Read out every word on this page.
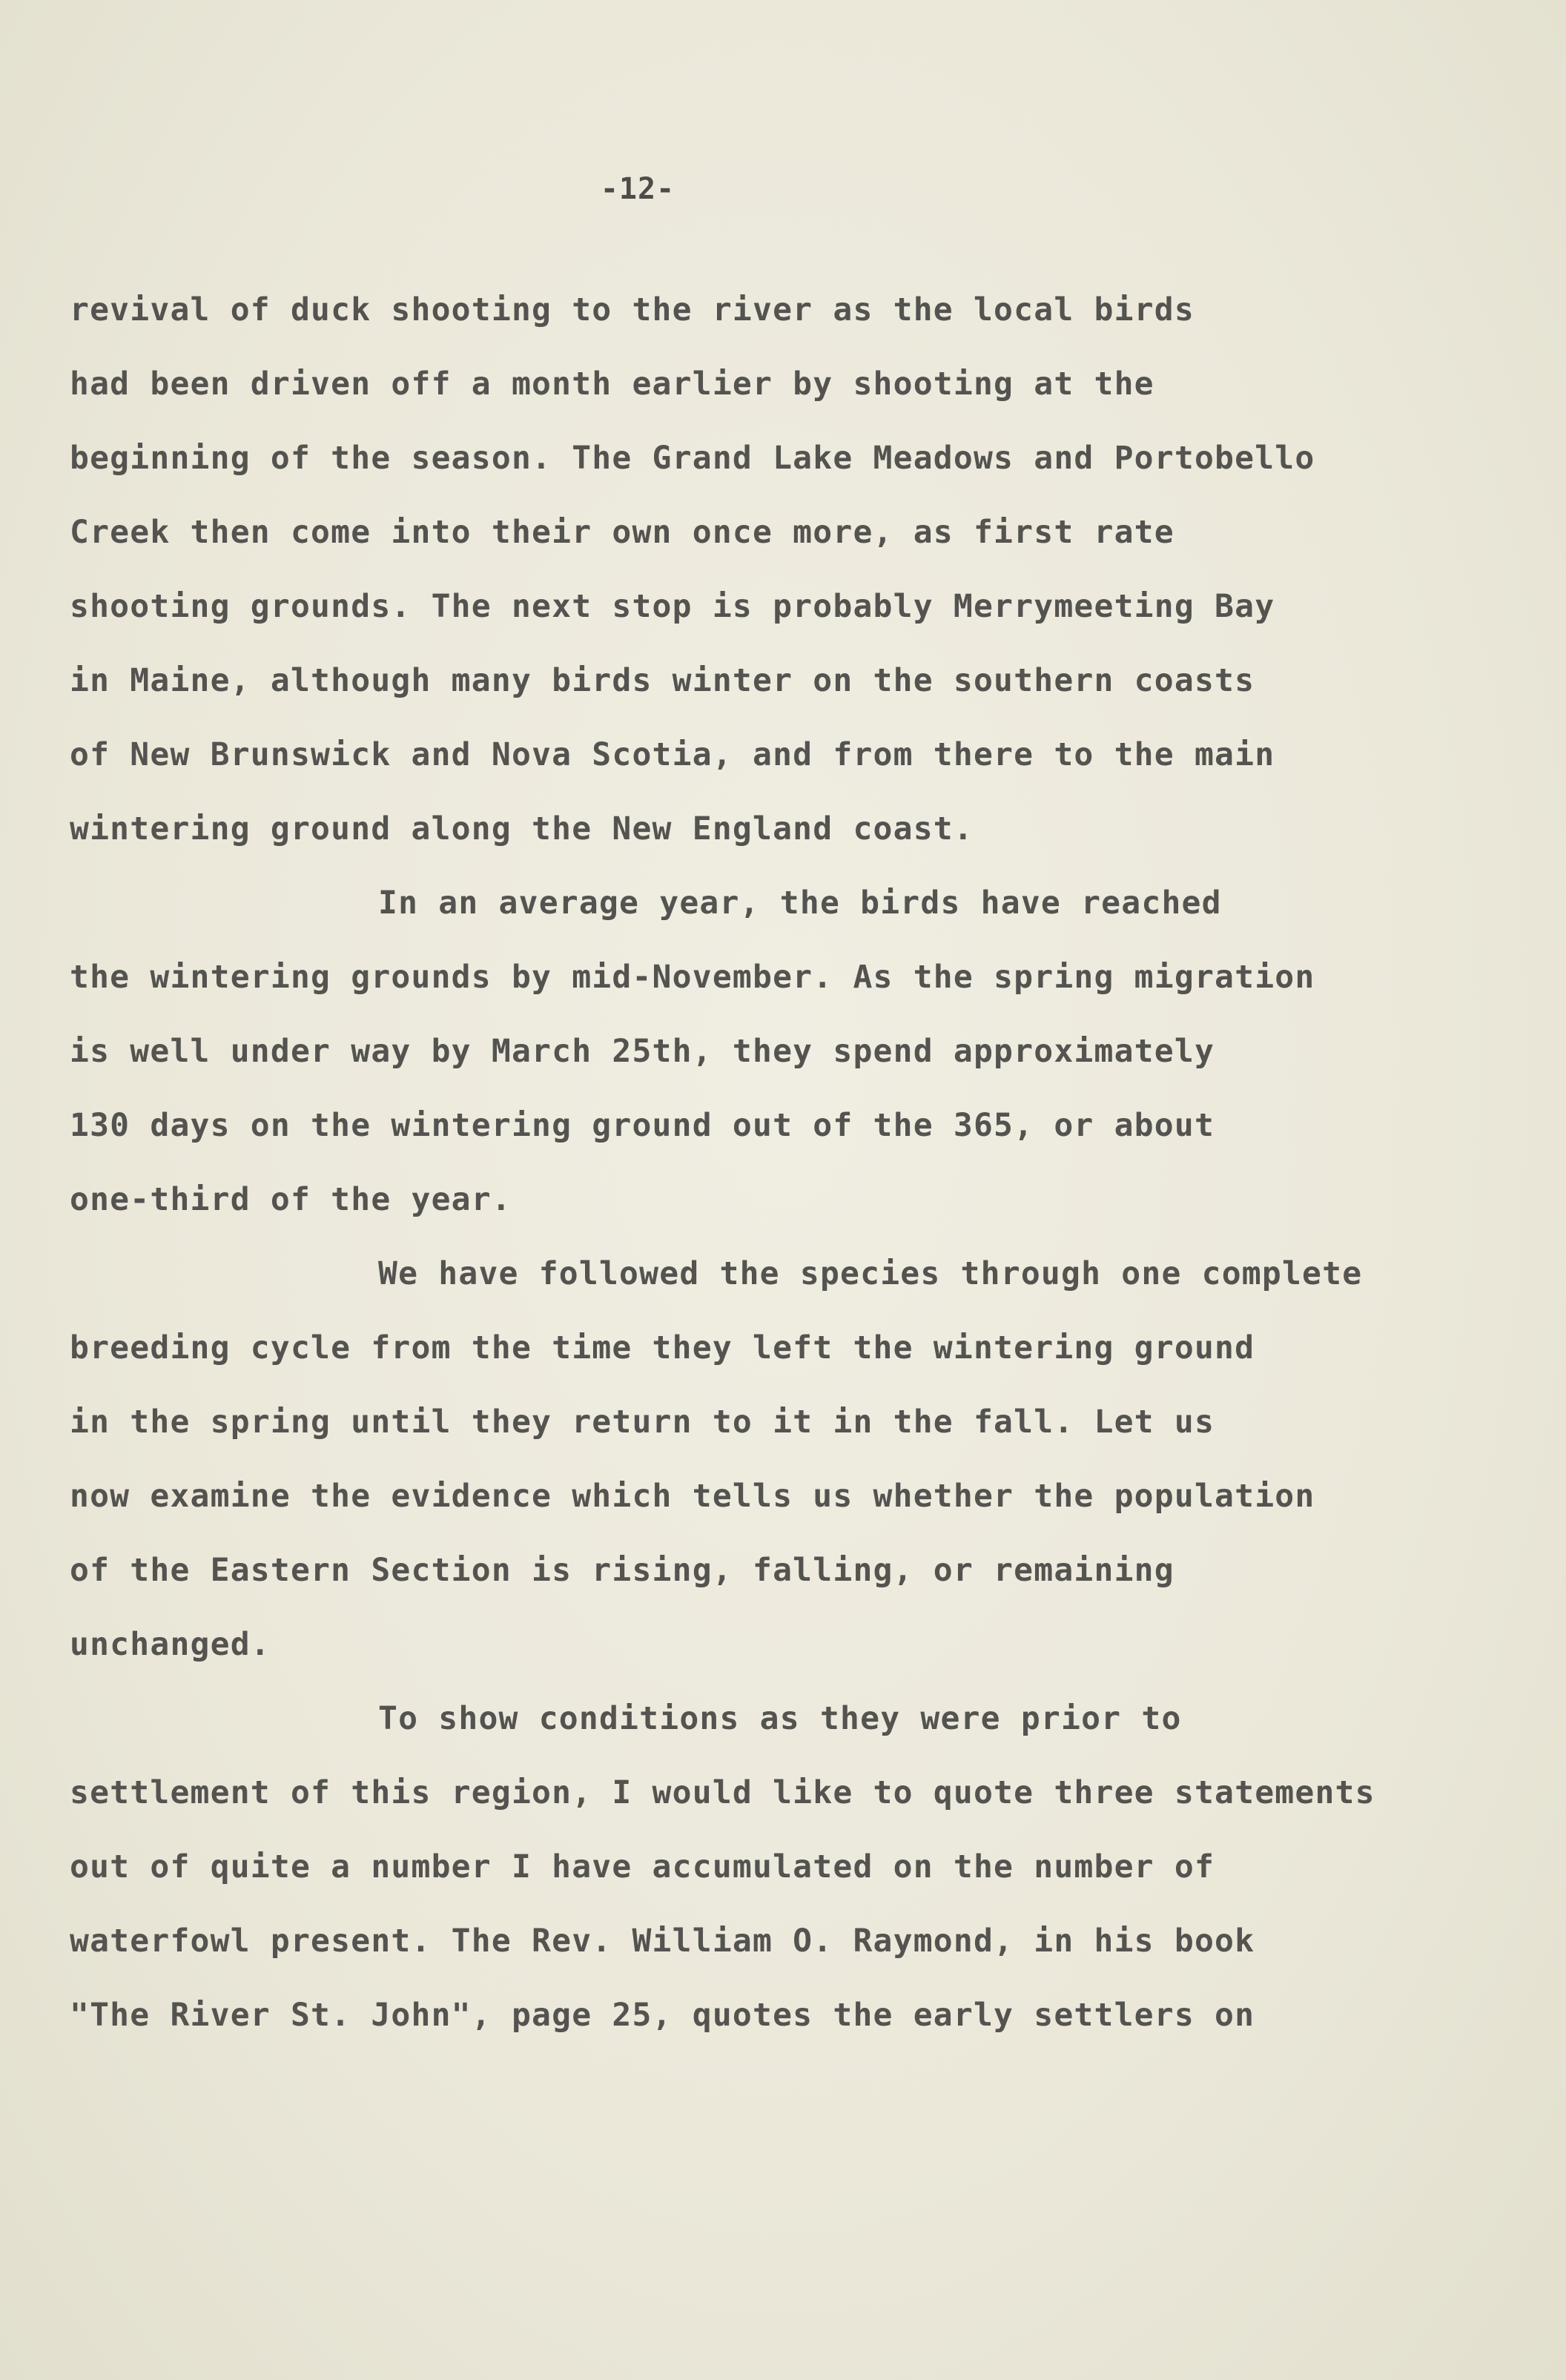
-12-
revival of duck shooting to the river as the local birds
had been driven off a month earlier by shooting at the
beginning of the season. The Grand Lake Meadows and Portobello
Creek then come into their own once more, as first rate
shooting grounds. The next stop is probably Merrymeeting Bay
in Maine, although many birds winter on the southern coasts
of New Brunswick and Nova Scotia, and from there to the main
wintering ground along the New England coast.
In an average year, the birds have reached
the wintering grounds by mid-November. As the spring migration
is well under way by March 25th, they spend approximately
130 days on the wintering ground out of the 365, or about
one-third of the year.
We have followed the species through one complete
breeding cycle from the time they left the wintering ground
in the spring until they return to it in the fall. Let us
now examine the evidence which tells us whether the population
of the Eastern Section is rising, falling, or remaining
unchanged.
To show conditions as they were prior to
settlement of this region, I would like to quote three statements
out of quite a number I have accumulated on the number of
waterfowl present. The Rev. William O. Raymond, in his book
"The River St. John", page 25, quotes the early settlers on
